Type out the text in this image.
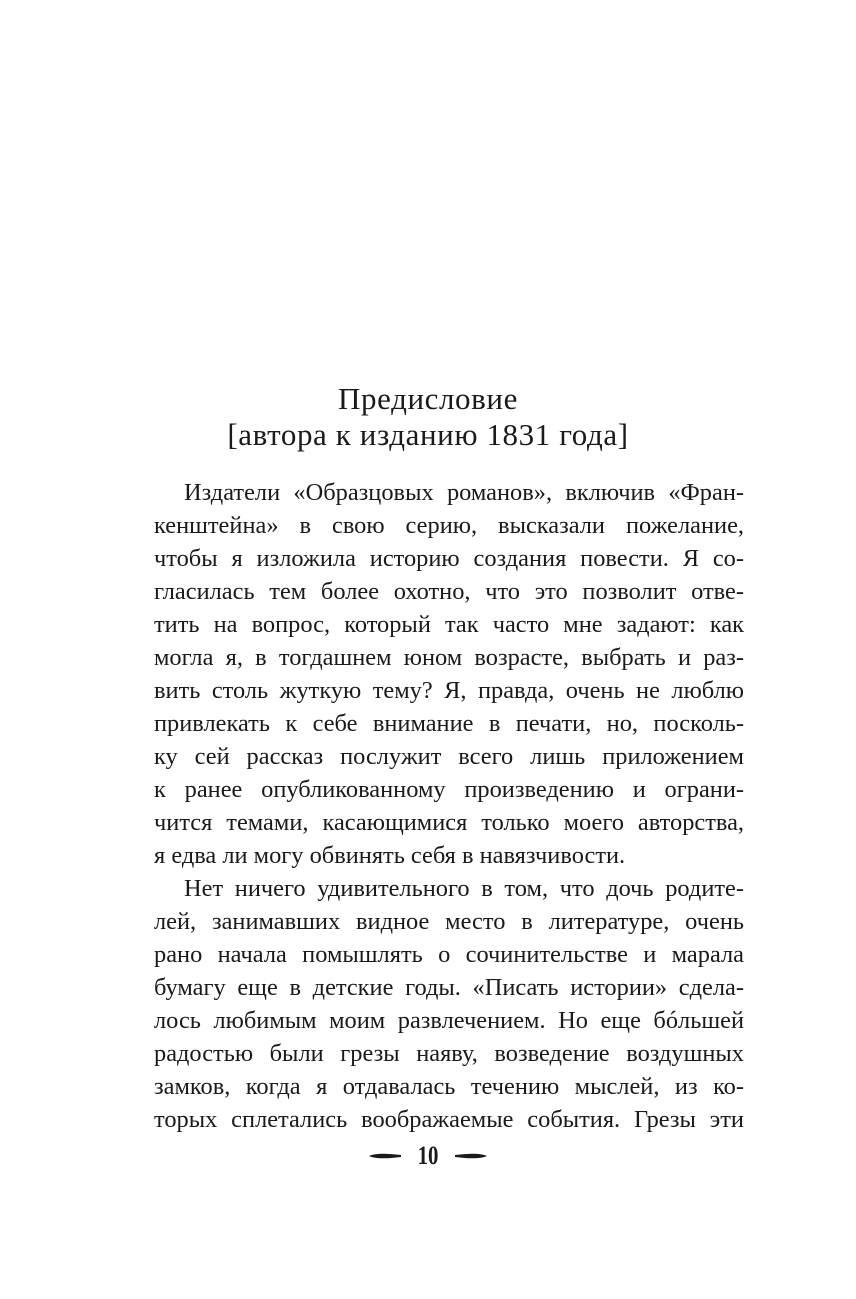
Предисловие
[автора к изданию 1831 года]
Издатели «Образцовых романов», включив «Фран-
кенштейна» в свою серию, высказали пожелание,
чтобы я изложила историю создания повести. Я со-
гласилась тем более охотно, что это позволит отве-
тить на вопрос, который так часто мне задают: как
могла я, в тогдашнем юном возрасте, выбрать и раз-
вить столь жуткую тему? Я, правда, очень не люблю
привлекать к себе внимание в печати, но, посколь-
ку сей рассказ послужит всего лишь приложением
к ранее опубликованному произведению и ограни-
чится темами, касающимися только моего авторства,
я едва ли могу обвинять себя в навязчивости.
Нет ничего удивительного в том, что дочь родите-
лей, занимавших видное место в литературе, очень
рано начала помышлять о сочинительстве и марала
бумагу еще в детские годы. «Писать истории» сдела-
лось любимым моим развлечением. Но еще бóльшей
радостью были грезы наяву, возведение воздушных
замков, когда я отдавалась течению мыслей, из ко-
торых сплетались воображаемые события. Грезы эти
10
